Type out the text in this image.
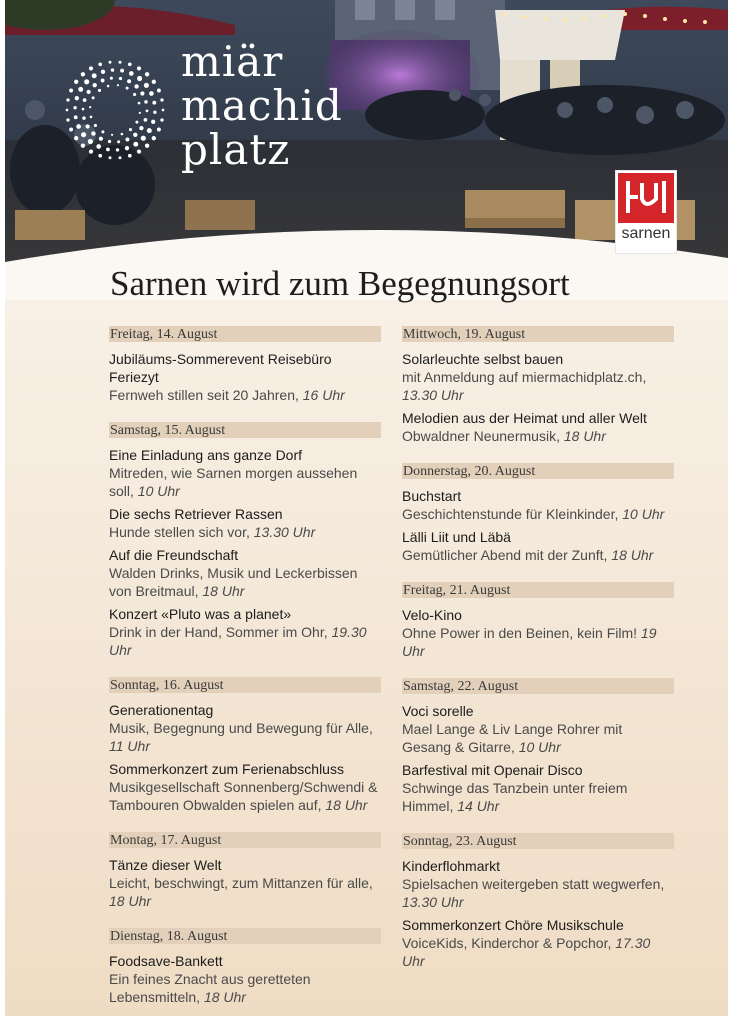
miär
machid
platz
sarnen
Sarnen wird zum Begegnungsort
Freitag, 14. August
Jubiläums-Sommerevent Reisebüro Feriezyt
Fernweh stillen seit 20 Jahren, 16 Uhr
Samstag, 15. August
Eine Einladung ans ganze Dorf
Mitreden, wie Sarnen morgen aussehen soll, 10 Uhr
Die sechs Retriever Rassen
Hunde stellen sich vor, 13.30 Uhr
Auf die Freundschaft
Walden Drinks, Musik und Leckerbissen von Breitmaul, 18 Uhr
Konzert «Pluto was a planet»
Drink in der Hand, Sommer im Ohr, 19.30 Uhr
Sonntag, 16. August
Generationentag
Musik, Begegnung und Bewegung für Alle, 11 Uhr
Sommerkonzert zum Ferienabschluss
Musikgesellschaft Sonnenberg/Schwendi & Tambouren Obwalden spielen auf, 18 Uhr
Montag, 17. August
Tänze dieser Welt
Leicht, beschwingt, zum Mittanzen für alle, 18 Uhr
Dienstag, 18. August
Foodsave-Bankett
Ein feines Znacht aus geretteten Lebensmitteln, 18 Uhr
Mittwoch, 19. August
Solarleuchte selbst bauen
mit Anmeldung auf miermachidplatz.ch, 13.30 Uhr
Melodien aus der Heimat und aller Welt
Obwaldner Neunermusik, 18 Uhr
Donnerstag, 20. August
Buchstart
Geschichtenstunde für Kleinkinder, 10 Uhr
Lälli Liit und Läbä
Gemütlicher Abend mit der Zunft, 18 Uhr
Freitag, 21. August
Velo-Kino
Ohne Power in den Beinen, kein Film! 19 Uhr
Samstag, 22. August
Voci sorelle
Mael Lange & Liv Lange Rohrer mit Gesang & Gitarre, 10 Uhr
Barfestival mit Openair Disco
Schwinge das Tanzbein unter freiem Himmel, 14 Uhr
Sonntag, 23. August
Kinderflohmarkt
Spielsachen weitergeben statt wegwerfen, 13.30 Uhr
Sommerkonzert Chöre Musikschule
VoiceKids, Kinderchor & Popchor, 17.30 Uhr
